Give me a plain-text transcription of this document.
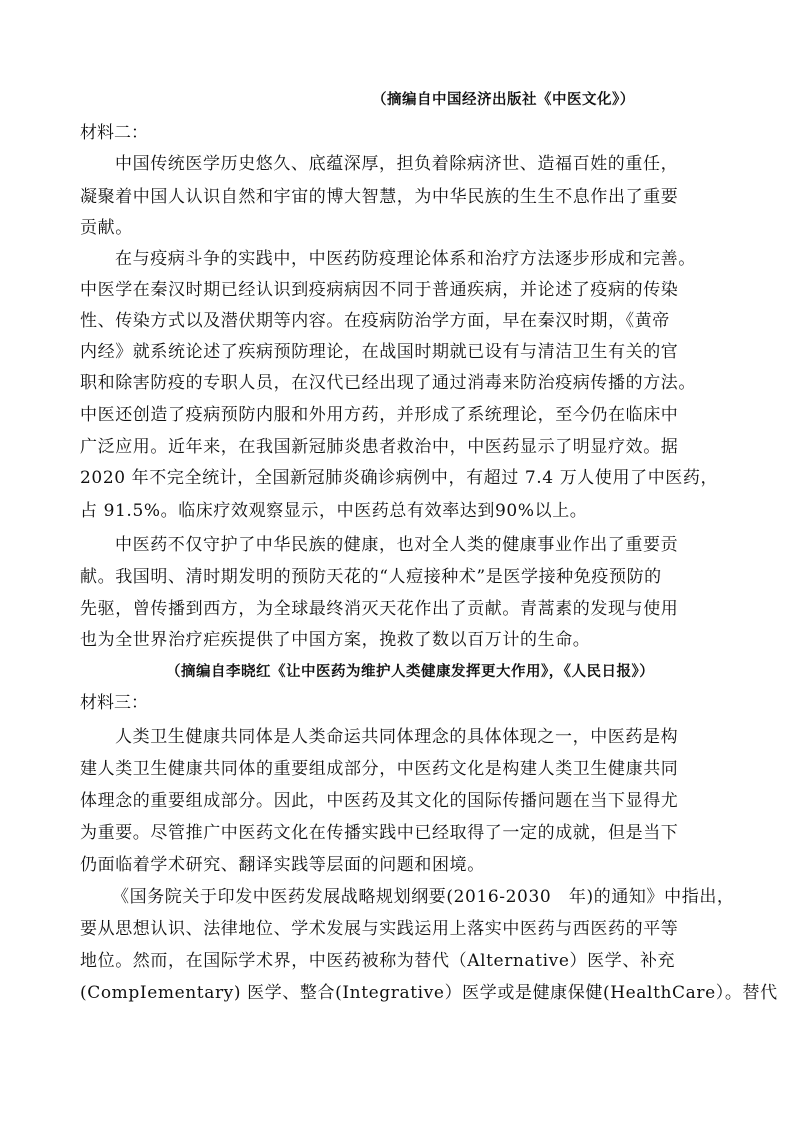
（摘编自中国经济出版社《中医文化》）
材料二：
中国传统医学历史悠久、底蕴深厚，担负着除病济世、造福百姓的重任，
凝聚着中国人认识自然和宇宙的博大智慧，为中华民族的生生不息作出了重要
贡献。
在与疫病斗争的实践中，中医药防疫理论体系和治疗方法逐步形成和完善。
中医学在秦汉时期已经认识到疫病病因不同于普通疾病，并论述了疫病的传染
性、传染方式以及潜伏期等内容。在疫病防治学方面，早在秦汉时期，《黄帝
内经》就系统论述了疾病预防理论，在战国时期就已设有与清洁卫生有关的官
职和除害防疫的专职人员，在汉代已经出现了通过消毒来防治疫病传播的方法。
中医还创造了疫病预防内服和外用方药，并形成了系统理论，至今仍在临床中
广泛应用。近年来，在我国新冠肺炎患者救治中，中医药显示了明显疗效。据
2020 年不完全统计，全国新冠肺炎确诊病例中，有超过 7.4 万人使用了中医药，
占 91.5%。临床疗效观察显示，中医药总有效率达到90%以上。
中医药不仅守护了中华民族的健康，也对全人类的健康事业作出了重要贡
献。我国明、清时期发明的预防天花的“人痘接种术”是医学接种免疫预防的
先驱，曾传播到西方，为全球最终消灭天花作出了贡献。青蒿素的发现与使用
也为全世界治疗疟疾提供了中国方案，挽救了数以百万计的生命。
（摘编自李晓红《让中医药为维护人类健康发挥更大作用》，《人民日报》）
材料三：
人类卫生健康共同体是人类命运共同体理念的具体体现之一，中医药是构
建人类卫生健康共同体的重要组成部分，中医药文化是构建人类卫生健康共同
体理念的重要组成部分。因此，中医药及其文化的国际传播问题在当下显得尤
为重要。尽管推广中医药文化在传播实践中已经取得了一定的成就，但是当下
仍面临着学术研究、翻译实践等层面的问题和困境。
《国务院关于印发中医药发展战略规划纲要(2016-2030　年)的通知》中指出，
要从思想认识、法律地位、学术发展与实践运用上落实中医药与西医药的平等
地位。然而，在国际学术界，中医药被称为替代（Alternative）医学、补充
(CompIementary) 医学、整合(Integrative）医学或是健康保健(HealthCare）。替代
